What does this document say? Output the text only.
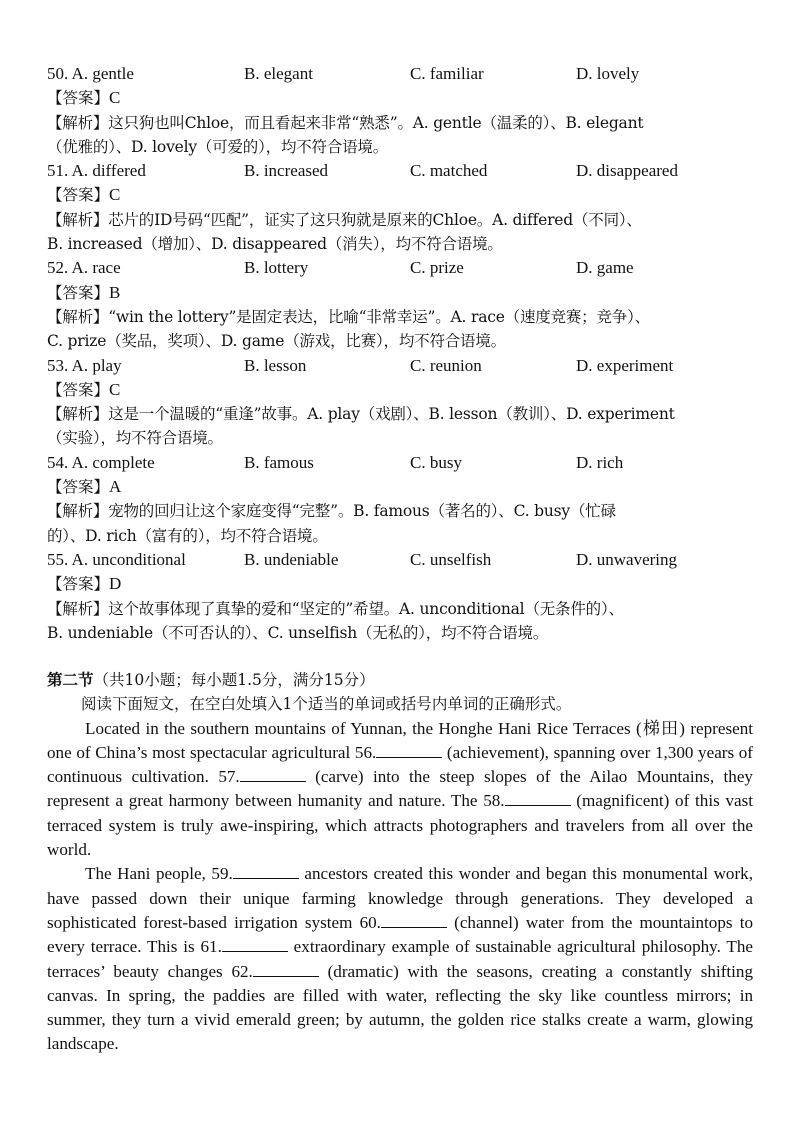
50. A. gentle	B. elegant	C. familiar	D. lovely
【答案】C
【解析】这只狗也叫Chloe，而且看起来非常“熟悉”。A. gentle（温柔的）、B. elegant
（优雅的）、D. lovely（可爱的），均不符合语境。
51. A. differed	B. increased	C. matched	D. disappeared
【答案】C
【解析】芯片的ID号码“匹配”，证实了这只狗就是原来的Chloe。A. differed（不同）、
B. increased（增加）、D. disappeared（消失），均不符合语境。
52. A. race	B. lottery	C. prize	D. game
【答案】B
【解析】“win the lottery”是固定表达，比喻“非常幸运”。A. race（速度竞赛；竞争）、
C. prize（奖品，奖项）、D. game（游戏，比赛），均不符合语境。
53. A. play	B. lesson	C. reunion	D. experiment
【答案】C
【解析】这是一个温暖的“重逢”故事。A. play（戏剧）、B. lesson（教训）、D. experiment
（实验），均不符合语境。
54. A. complete	B. famous	C. busy	D. rich
【答案】A
【解析】宠物的回归让这个家庭变得“完整”。B. famous（著名的）、C. busy（忙碌
的）、D. rich（富有的），均不符合语境。
55. A. unconditional	B. undeniable	C. unselfish	D. unwavering
【答案】D
【解析】这个故事体现了真挚的爱和“坚定的”希望。A. unconditional（无条件的）、
B. undeniable（不可否认的）、C. unselfish（无私的），均不符合语境。
第二节（共10小题；每小题1.5分，满分15分）
阅读下面短文，在空白处填入1个适当的单词或括号内单词的正确形式。

Located in the southern mountains of Yunnan, the Honghe Hani Rice Terraces (梯田) represent one of China’s most spectacular agricultural 56.	(achievement), spanning over 1,300 years of continuous cultivation. 57.	(carve) into the steep slopes of the Ailao Mountains, they represent a great harmony between humanity and nature. The 58.	(magnificent) of this vast terraced system is truly awe-inspiring, which attracts photographers and travelers from all over the world.

The Hani people, 59.	ancestors created this wonder and began this monumental work, have passed down their unique farming knowledge through generations. They developed a sophisticated forest-based irrigation system 60.	(channel) water from the mountaintops to every terrace. This is 61.	extraordinary example of sustainable agricultural philosophy. The terraces’ beauty changes 62.	(dramatic) with the seasons, creating a constantly shifting canvas. In spring, the paddies are filled with water, reflecting the sky like countless mirrors; in summer, they turn a vivid emerald green; by autumn, the golden rice stalks create a warm, glowing landscape.
